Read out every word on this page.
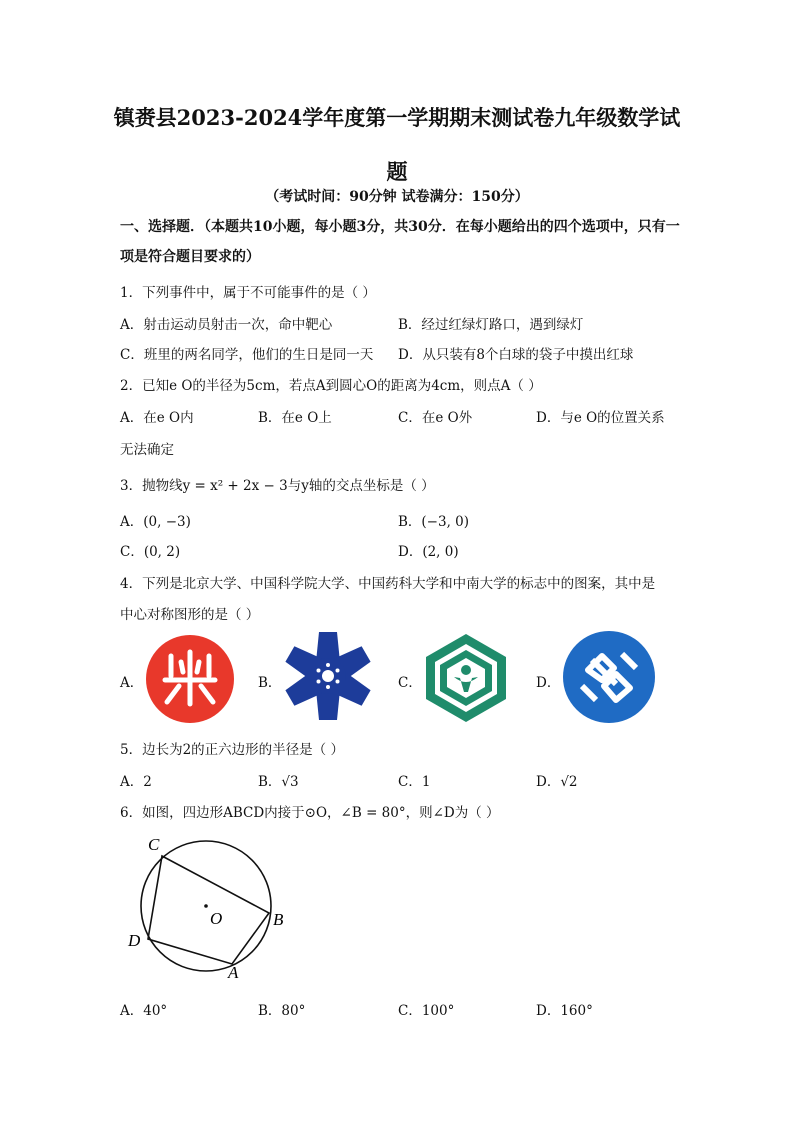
镇赉县2023-2024学年度第一学期期末测试卷九年级数学试
题
（考试时间：90分钟 试卷满分：150分）
一、选择题．（本题共10小题，每小题3分，共30分．在每小题给出的四个选项中，只有一项是符合题目要求的）
1．下列事件中，属于不可能事件的是（ ）
A．射击运动员射击一次，命中靶心	B．经过红绿灯路口，遇到绿灯
C．班里的两名同学，他们的生日是同一天 D．从只装有8个白球的袋子中摸出红球
2．已知e O的半径为5cm，若点A到圆心O的距离为4cm，则点A（ ）
A．在e O内	B．在e O上	C．在e O外	D．与e O的位置关系
无法确定
3．抛物线y = x² + 2x − 3与y轴的交点坐标是（ ）
A．(0, −3)	B．(−3, 0)
C．(0, 2)	D．(2, 0)
4．下列是北京大学、中国科学院大学、中国药科大学和中南大学的标志中的图案，其中是
中心对称图形的是（ ）
A．	B．	C．	D．
5．边长为2的正六边形的半径是（ ）
A．2	B．√3	C．1	D．√2
6．如图，四边形ABCD内接于⊙O，∠B = 80°，则∠D为（ ）
C
D
B
A
O
A．40°	B．80°	C．100°	D．160°
